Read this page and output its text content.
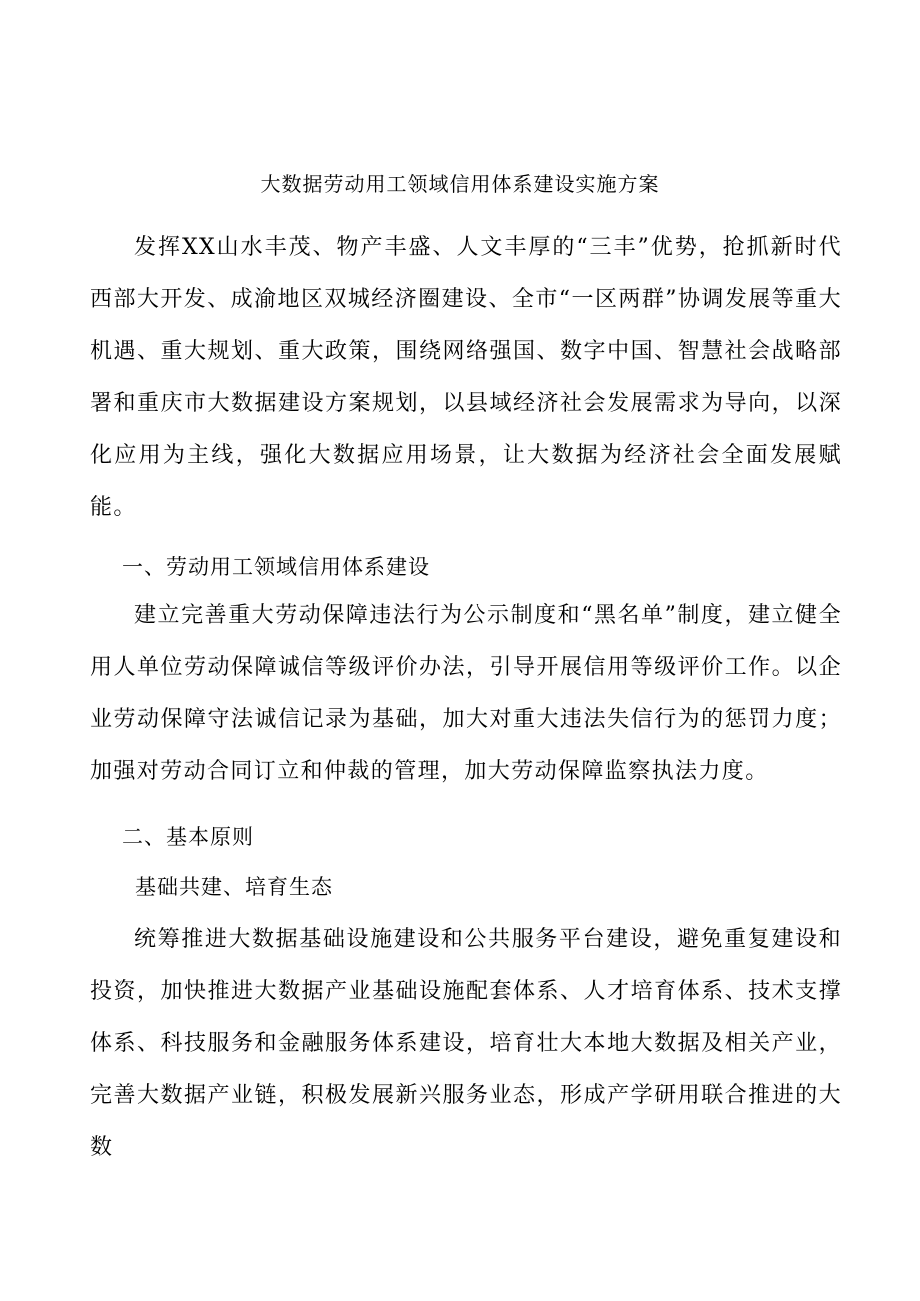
大数据劳动用工领域信用体系建设实施方案

发挥XX山水丰茂、物产丰盛、人文丰厚的“三丰”优势，抢抓新时代西部大开发、成渝地区双城经济圈建设、全市“一区两群”协调发展等重大机遇、重大规划、重大政策，围绕网络强国、数字中国、智慧社会战略部署和重庆市大数据建设方案规划，以县域经济社会发展需求为导向，以深化应用为主线，强化大数据应用场景，让大数据为经济社会全面发展赋能。

一、劳动用工领域信用体系建设

建立完善重大劳动保障违法行为公示制度和“黑名单”制度，建立健全用人单位劳动保障诚信等级评价办法，引导开展信用等级评价工作。以企业劳动保障守法诚信记录为基础，加大对重大违法失信行为的惩罚力度；加强对劳动合同订立和仲裁的管理，加大劳动保障监察执法力度。

二、基本原则
基础共建、培育生态

统筹推进大数据基础设施建设和公共服务平台建设，避免重复建设和投资，加快推进大数据产业基础设施配套体系、人才培育体系、技术支撑体系、科技服务和金融服务体系建设，培育壮大本地大数据及相关产业，完善大数据产业链，积极发展新兴服务业态，形成产学研用联合推进的大数
